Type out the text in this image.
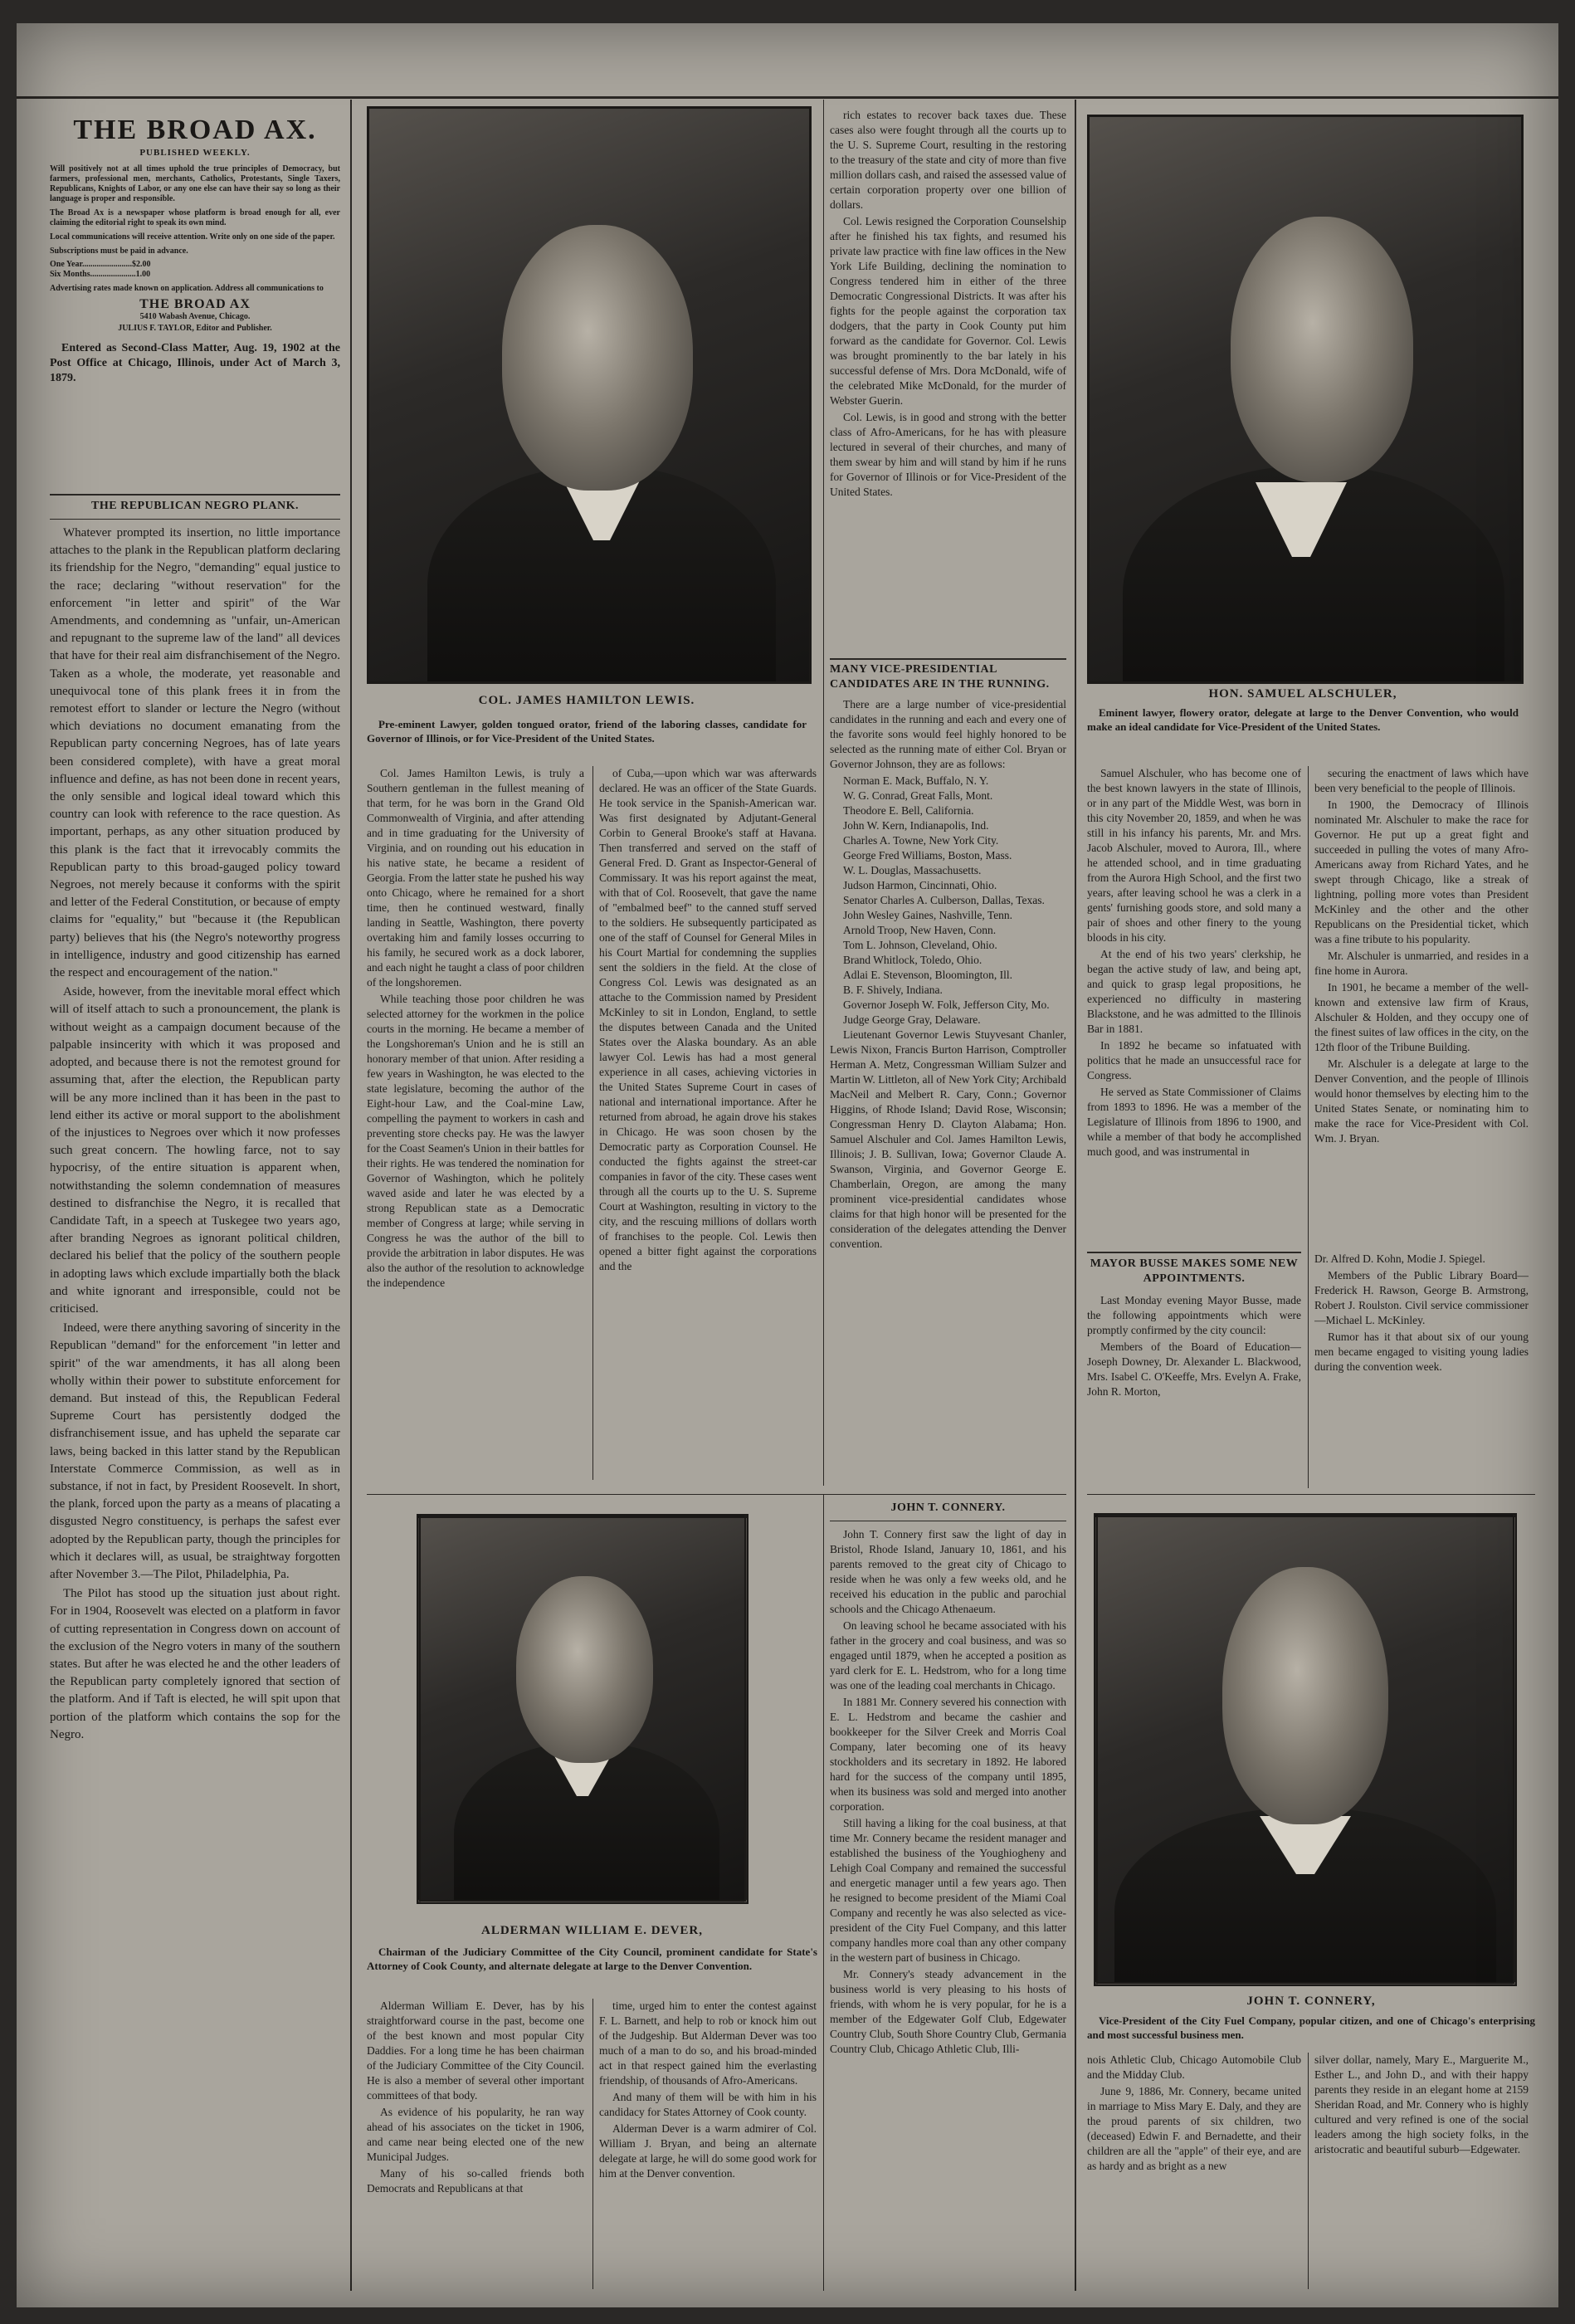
THE BROAD AX.
PUBLISHED WEEKLY.
Will positively not at all times uphold the true principles of Democracy, but farmers, professional men, merchants, Catholics, Protestants, Single Taxers, Republicans, Knights of Labor, or any one else can have their say so long as their language is proper and responsible.
The Broad Ax is a newspaper whose platform is broad enough for all, ever claiming the editorial right to speak its own mind.
Local communications will receive attention. Write only on one side of the paper.
Subscriptions must be paid in advance.
One Year........................$2.00
Six Months......................1.00
Advertising rates made known on application. Address all communications to
THE BROAD AX
5410 Wabash Avenue, Chicago.
JULIUS F. TAYLOR, Editor and Publisher.
Entered as Second-Class Matter, Aug. 19, 1902 at the Post Office at Chicago, Illinois, under Act of March 3, 1879.
THE REPUBLICAN NEGRO PLANK.

Whatever prompted its insertion, no little importance attaches to the plank in the Republican platform declaring its friendship for the Negro, "demanding" equal justice to the race; declaring "without reservation" for the enforcement "in letter and spirit" of the War Amendments, and condemning as "unfair, un-American and repugnant to the supreme law of the land" all devices that have for their real aim disfranchisement of the Negro. Taken as a whole, the moderate, yet reasonable and unequivocal tone of this plank frees it in from the remotest effort to slander or lecture the Negro (without which deviations no document emanating from the Republican party concerning Negroes, has of late years been considered complete), with have a great moral influence and define, as has not been done in recent years, the only sensible and logical ideal toward which this country can look with reference to the race question. As important, perhaps, as any other situation produced by this plank is the fact that it irrevocably commits the Republican party to this broad-gauged policy toward Negroes, not merely because it conforms with the spirit and letter of the Federal Constitution, or because of empty claims for "equality," but "because it (the Republican party) believes that his (the Negro's noteworthy progress in intelligence, industry and good citizenship has earned the respect and encouragement of the nation."

Aside, however, from the inevitable moral effect which will of itself attach to such a pronouncement, the plank is without weight as a campaign document because of the palpable insincerity with which it was proposed and adopted, and because there is not the remotest ground for assuming that, after the election, the Republican party will be any more inclined than it has been in the past to lend either its active or moral support to the abolishment of the injustices to Negroes over which it now professes such great concern. The howling farce, not to say hypocrisy, of the entire situation is apparent when, notwithstanding the solemn condemnation of measures destined to disfranchise the Negro, it is recalled that Candidate Taft, in a speech at Tuskegee two years ago, after branding Negroes as ignorant political children, declared his belief that the policy of the southern people in adopting laws which exclude impartially both the black and white ignorant and irresponsible, could not be criticised.

Indeed, were there anything savoring of sincerity in the Republican "demand" for the enforcement "in letter and spirit" of the war amendments, it has all along been wholly within their power to substitute enforcement for demand. But instead of this, the Republican Federal Supreme Court has persistently dodged the disfranchisement issue, and has upheld the separate car laws, being backed in this latter stand by the Republican Interstate Commerce Commission, as well as in substance, if not in fact, by President Roosevelt. In short, the plank, forced upon the party as a means of placating a disgusted Negro constituency, is perhaps the safest ever adopted by the Republican party, though the principles for which it declares will, as usual, be straightway forgotten after November 3.—The Pilot, Philadelphia, Pa.

The Pilot has stood up the situation just about right. For in 1904, Roosevelt was elected on a platform in favor of cutting representation in Congress down on account of the exclusion of the Negro voters in many of the southern states. But after he was elected he and the other leaders of the Republican party completely ignored that section of the platform. And if Taft is elected, he will spit upon that portion of the platform which contains the sop for the Negro.

COL. JAMES HAMILTON LEWIS.
Pre-eminent Lawyer, golden tongued orator, friend of the laboring classes, candidate for Governor of Illinois, or for Vice-President of the United States.

Col. James Hamilton Lewis, is truly a Southern gentleman in the fullest meaning of that term, for he was born in the Grand Old Commonwealth of Virginia, and after attending and in time graduating for the University of Virginia, and on rounding out his education in his native state, he became a resident of Georgia. From the latter state he pushed his way onto Chicago, where he remained for a short time, then he continued westward, finally landing in Seattle, Washington, there poverty overtaking him and family losses occurring to his family, he secured work as a dock laborer, and each night he taught a class of poor children of the longshoremen.

While teaching those poor children he was selected attorney for the workmen in the police courts in the morning. He became a member of the Longshoreman's Union and he is still an honorary member of that union. After residing a few years in Washington, he was elected to the state legislature, becoming the author of the Eight-hour Law, and the Coal-mine Law, compelling the payment to workers in cash and preventing store checks pay. He was the lawyer for the Coast Seamen's Union in their battles for their rights. He was tendered the nomination for Governor of Washington, which he politely waved aside and later he was elected by a strong Republican state as a Democratic member of Congress at large; while serving in Congress he was the author of the bill to provide the arbitration in labor disputes. He was also the author of the resolution to acknowledge the independence

of Cuba,—upon which war was afterwards declared. He was an officer of the State Guards. He took service in the Spanish-American war. Was first designated by Adjutant-General Corbin to General Brooke's staff at Havana. Then transferred and served on the staff of General Fred. D. Grant as Inspector-General of Commissary. It was his report against the meat, with that of Col. Roosevelt, that gave the name of "embalmed beef" to the canned stuff served to the soldiers. He subsequently participated as one of the staff of Counsel for General Miles in his Court Martial for condemning the supplies sent the soldiers in the field. At the close of Congress Col. Lewis was designated as an attache to the Commission named by President McKinley to sit in London, England, to settle the disputes between Canada and the United States over the Alaska boundary. As an able lawyer Col. Lewis has had a most general experience in all cases, achieving victories in the United States Supreme Court in cases of national and international importance. After he returned from abroad, he again drove his stakes in Chicago. He was soon chosen by the Democratic party as Corporation Counsel. He conducted the fights against the street-car companies in favor of the city. These cases went through all the courts up to the U. S. Supreme Court at Washington, resulting in victory to the city, and the rescuing millions of dollars worth of franchises to the people. Col. Lewis then opened a bitter fight against the corporations and the

rich estates to recover back taxes due. These cases also were fought through all the courts up to the U. S. Supreme Court, resulting in the restoring to the treasury of the state and city of more than five million dollars cash, and raised the assessed value of certain corporation property over one billion of dollars.

Col. Lewis resigned the Corporation Counselship after he finished his tax fights, and resumed his private law practice with fine law offices in the New York Life Building, declining the nomination to Congress tendered him in either of the three Democratic Congressional Districts. It was after his fights for the people against the corporation tax dodgers, that the party in Cook County put him forward as the candidate for Governor. Col. Lewis was brought prominently to the bar lately in his successful defense of Mrs. Dora McDonald, wife of the celebrated Mike McDonald, for the murder of Webster Guerin.

Col. Lewis, is in good and strong with the better class of Afro-Americans, for he has with pleasure lectured in several of their churches, and many of them swear by him and will stand by him if he runs for Governor of Illinois or for Vice-President of the United States.

MANY VICE-PRESIDENTIAL CANDIDATES ARE IN THE RUNNING.

There are a large number of vice-presidential candidates in the running and each and every one of the favorite sons would feel highly honored to be selected as the running mate of either Col. Bryan or Governor Johnson, they are as follows:

Norman E. Mack, Buffalo, N. Y.
W. G. Conrad, Great Falls, Mont.
Theodore E. Bell, California.
John W. Kern, Indianapolis, Ind.
Charles A. Towne, New York City.
George Fred Williams, Boston, Mass.
W. L. Douglas, Massachusetts.
Judson Harmon, Cincinnati, Ohio.
Senator Charles A. Culberson, Dallas, Texas.
John Wesley Gaines, Nashville, Tenn.
Arnold Troop, New Haven, Conn.
Tom L. Johnson, Cleveland, Ohio.
Brand Whitlock, Toledo, Ohio.
Adlai E. Stevenson, Bloomington, Ill.
B. F. Shively, Indiana.
Governor Joseph W. Folk, Jefferson City, Mo.
Judge George Gray, Delaware.

Lieutenant Governor Lewis Stuyvesant Chanler, Lewis Nixon, Francis Burton Harrison, Comptroller Herman A. Metz, Congressman William Sulzer and Martin W. Littleton, all of New York City; Archibald MacNeil and Melbert R. Cary, Conn.; Governor Higgins, of Rhode Island; David Rose, Wisconsin; Congressman Henry D. Clayton Alabama; Hon. Samuel Alschuler and Col. James Hamilton Lewis, Illinois; J. B. Sullivan, Iowa; Governor Claude A. Swanson, Virginia, and Governor George E. Chamberlain, Oregon, are among the many prominent vice-presidential candidates whose claims for that high honor will be presented for the consideration of the delegates attending the Denver convention.

ALDERMAN WILLIAM E. DEVER,
Chairman of the Judiciary Committee of the City Council, prominent candidate for State's Attorney of Cook County, and alternate delegate at large to the Denver Convention.

Alderman William E. Dever, has by his straightforward course in the past, become one of the best known and most popular City Daddies. For a long time he has been chairman of the Judiciary Committee of the City Council. He is also a member of several other important committees of that body.

As evidence of his popularity, he ran way ahead of his associates on the ticket in 1906, and came near being elected one of the new Municipal Judges.

Many of his so-called friends both Democrats and Republicans at that

time, urged him to enter the contest against F. L. Barnett, and help to rob or knock him out of the Judgeship. But Alderman Dever was too much of a man to do so, and his broad-minded act in that respect gained him the everlasting friendship, of thousands of Afro-Americans.

And many of them will be with him in his candidacy for States Attorney of Cook county.

Alderman Dever is a warm admirer of Col. William J. Bryan, and being an alternate delegate at large, he will do some good work for him at the Denver convention.

JOHN T. CONNERY.

John T. Connery first saw the light of day in Bristol, Rhode Island, January 10, 1861, and his parents removed to the great city of Chicago to reside when he was only a few weeks old, and he received his education in the public and parochial schools and the Chicago Athenaeum.

On leaving school he became associated with his father in the grocery and coal business, and was so engaged until 1879, when he accepted a position as yard clerk for E. L. Hedstrom, who for a long time was one of the leading coal merchants in Chicago.

In 1881 Mr. Connery severed his connection with E. L. Hedstrom and became the cashier and bookkeeper for the Silver Creek and Morris Coal Company, later becoming one of its heavy stockholders and its secretary in 1892. He labored hard for the success of the company until 1895, when its business was sold and merged into another corporation.

Still having a liking for the coal business, at that time Mr. Connery became the resident manager and established the business of the Youghiogheny and Lehigh Coal Company and remained the successful and energetic manager until a few years ago. Then he resigned to become president of the Miami Coal Company and recently he was also selected as vice-president of the City Fuel Company, and this latter company handles more coal than any other company in the western part of business in Chicago.

Mr. Connery's steady advancement in the business world is very pleasing to his hosts of friends, with whom he is very popular, for he is a member of the Edgewater Golf Club, Edgewater Country Club, South Shore Country Club, Germania Country Club, Chicago Athletic Club, Illi-

HON. SAMUEL ALSCHULER,
Eminent lawyer, flowery orator, delegate at large to the Denver Convention, who would make an ideal candidate for Vice-President of the United States.

Samuel Alschuler, who has become one of the best known lawyers in the state of Illinois, or in any part of the Middle West, was born in this city November 20, 1859, and when he was still in his infancy his parents, Mr. and Mrs. Jacob Alschuler, moved to Aurora, Ill., where he attended school, and in time graduating from the Aurora High School, and the first two years, after leaving school he was a clerk in a gents' furnishing goods store, and sold many a pair of shoes and other finery to the young bloods in his city.

At the end of his two years' clerkship, he began the active study of law, and being apt, and quick to grasp legal propositions, he experienced no difficulty in mastering Blackstone, and he was admitted to the Illinois Bar in 1881.

In 1892 he became so infatuated with politics that he made an unsuccessful race for Congress.

He served as State Commissioner of Claims from 1893 to 1896. He was a member of the Legislature of Illinois from 1896 to 1900, and while a member of that body he accomplished much good, and was instrumental in

securing the enactment of laws which have been very beneficial to the people of Illinois.

In 1900, the Democracy of Illinois nominated Mr. Alschuler to make the race for Governor. He put up a great fight and succeeded in pulling the votes of many Afro-Americans away from Richard Yates, and he swept through Chicago, like a streak of lightning, polling more votes than President McKinley and the other and the other Republicans on the Presidential ticket, which was a fine tribute to his popularity.

Mr. Alschuler is unmarried, and resides in a fine home in Aurora.

In 1901, he became a member of the well-known and extensive law firm of Kraus, Alschuler & Holden, and they occupy one of the finest suites of law offices in the city, on the 12th floor of the Tribune Building.

Mr. Alschuler is a delegate at large to the Denver Convention, and the people of Illinois would honor themselves by electing him to the United States Senate, or nominating him to make the race for Vice-President with Col. Wm. J. Bryan.

MAYOR BUSSE MAKES SOME NEW APPOINTMENTS.

Last Monday evening Mayor Busse, made the following appointments which were promptly confirmed by the city council:

Members of the Board of Education—Joseph Downey, Dr. Alexander L. Blackwood, Mrs. Isabel C. O'Keeffe, Mrs. Evelyn A. Frake, John R. Morton,

Dr. Alfred D. Kohn, Modie J. Spiegel.

Members of the Public Library Board—Frederick H. Rawson, George B. Armstrong, Robert J. Roulston. Civil service commissioner—Michael L. McKinley.

Rumor has it that about six of our young men became engaged to visiting young ladies during the convention week.

JOHN T. CONNERY,
Vice-President of the City Fuel Company, popular citizen, and one of Chicago's enterprising and most successful business men.

nois Athletic Club, Chicago Automobile Club and the Midday Club.

June 9, 1886, Mr. Connery, became united in marriage to Miss Mary E. Daly, and they are the proud parents of six children, two (deceased) Edwin F. and Bernadette, and their children are all the "apple" of their eye, and are as hardy and as bright as a new

silver dollar, namely, Mary E., Marguerite M., Esther L., and John D., and with their happy parents they reside in an elegant home at 2159 Sheridan Road, and Mr. Connery who is highly cultured and very refined is one of the social leaders among the high society folks, in the aristocratic and beautiful suburb—Edgewater.
